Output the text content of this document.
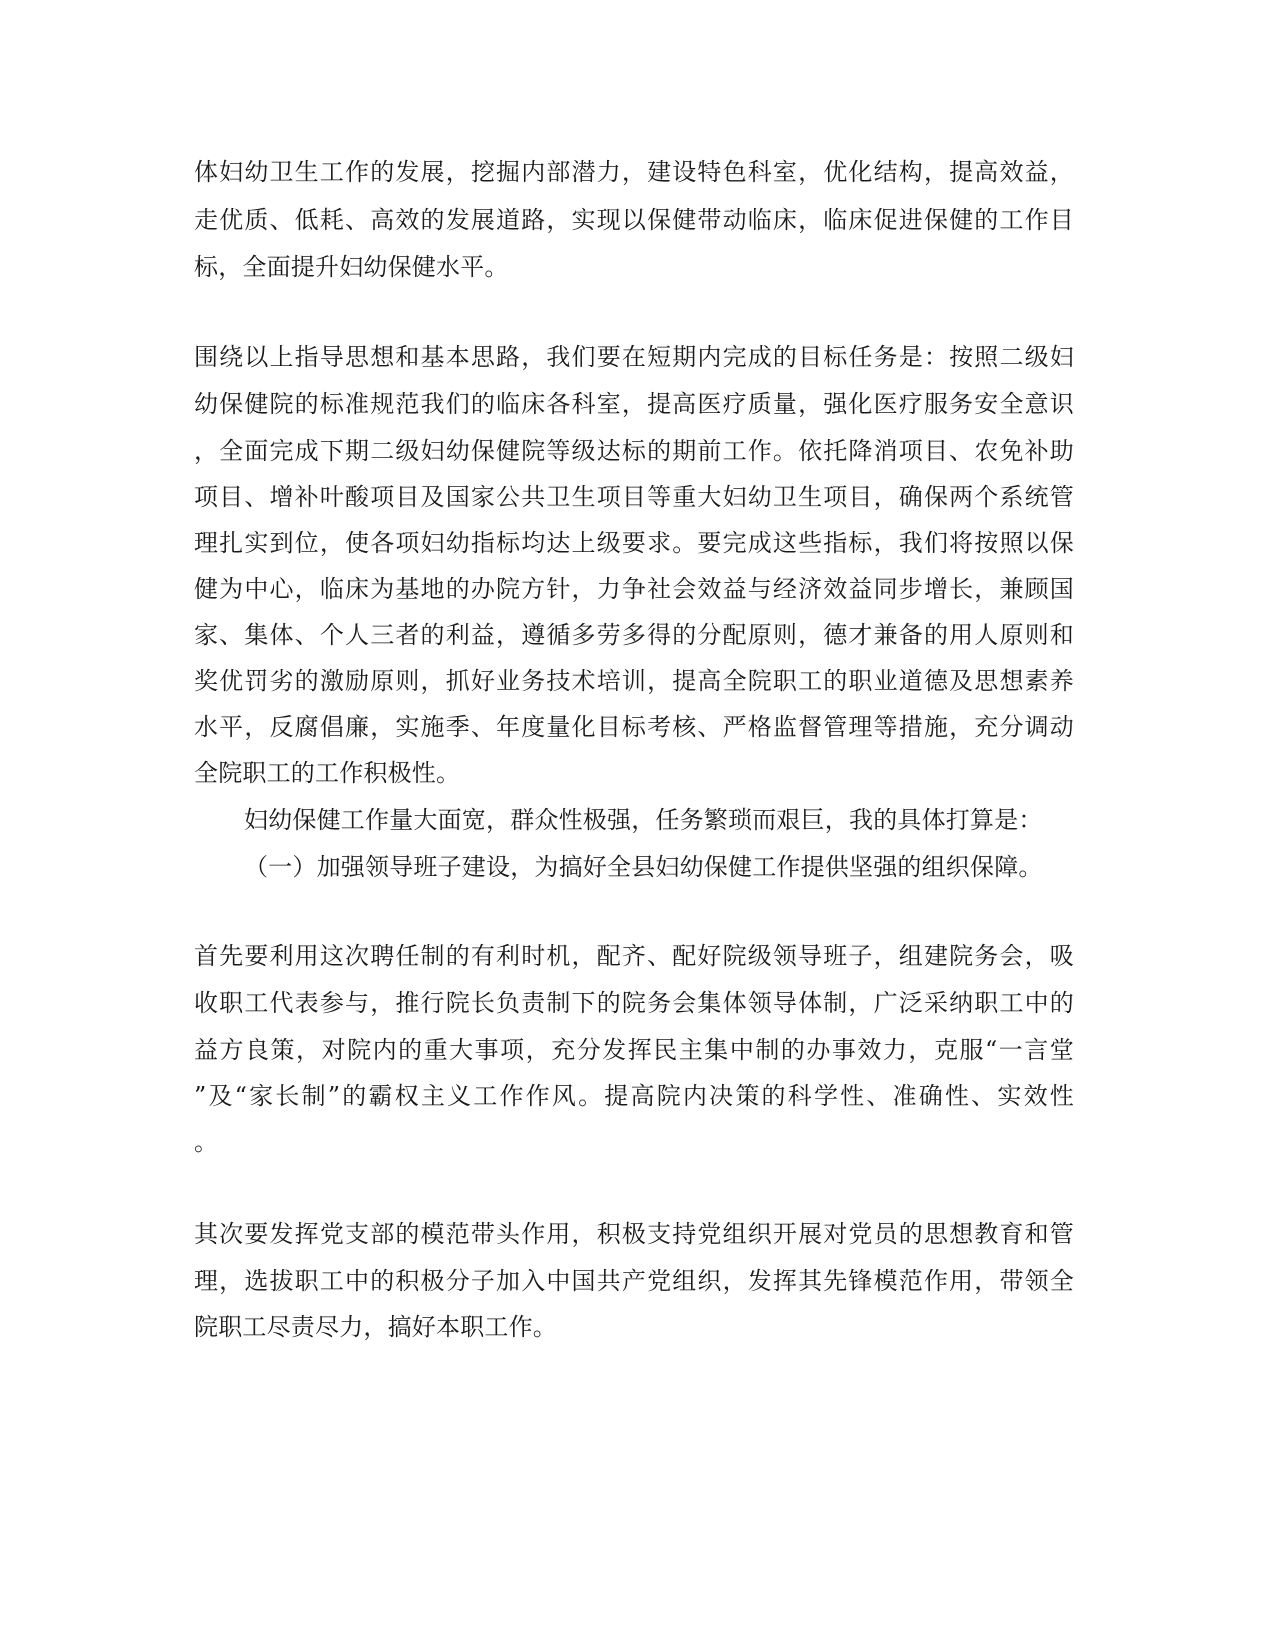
体妇幼卫生工作的发展，挖掘内部潜力，建设特色科室，优化结构，提高效益，
走优质、低耗、高效的发展道路，实现以保健带动临床，临床促进保健的工作目
标，全面提升妇幼保健水平。
围绕以上指导思想和基本思路，我们要在短期内完成的目标任务是：按照二级妇
幼保健院的标准规范我们的临床各科室，提高医疗质量，强化医疗服务安全意识
，全面完成下期二级妇幼保健院等级达标的期前工作。依托降消项目、农免补助
项目、增补叶酸项目及国家公共卫生项目等重大妇幼卫生项目，确保两个系统管
理扎实到位，使各项妇幼指标均达上级要求。要完成这些指标，我们将按照以保
健为中心，临床为基地的办院方针，力争社会效益与经济效益同步增长，兼顾国
家、集体、个人三者的利益，遵循多劳多得的分配原则，德才兼备的用人原则和
奖优罚劣的激励原则，抓好业务技术培训，提高全院职工的职业道德及思想素养
水平，反腐倡廉，实施季、年度量化目标考核、严格监督管理等措施，充分调动
全院职工的工作积极性。
妇幼保健工作量大面宽，群众性极强，任务繁琐而艰巨，我的具体打算是：
（一）加强领导班子建设，为搞好全县妇幼保健工作提供坚强的组织保障。
首先要利用这次聘任制的有利时机，配齐、配好院级领导班子，组建院务会，吸
收职工代表参与，推行院长负责制下的院务会集体领导体制，广泛采纳职工中的
益方良策，对院内的重大事项，充分发挥民主集中制的办事效力，克服“一言堂
”及“家长制”的霸权主义工作作风。提高院内决策的科学性、准确性、实效性
。
其次要发挥党支部的模范带头作用，积极支持党组织开展对党员的思想教育和管
理，选拔职工中的积极分子加入中国共产党组织，发挥其先锋模范作用，带领全
院职工尽责尽力，搞好本职工作。
